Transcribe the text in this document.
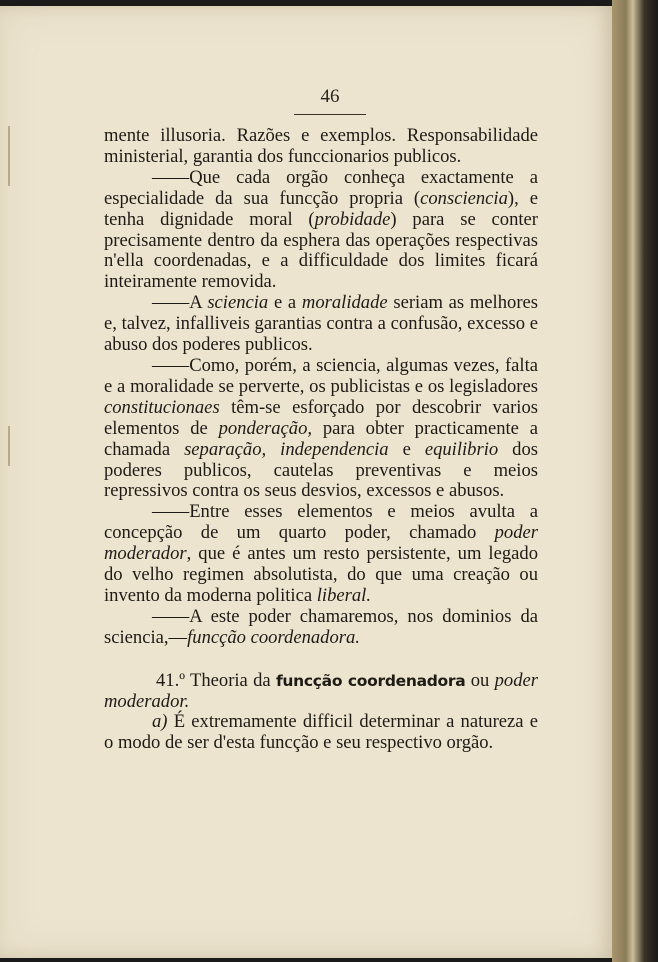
46

mente illusoria. Razões e exemplos. Responsabilidade ministerial, garantia dos funccionarios publicos.

——Que cada orgão conheça exactamente a especialidade da sua funcção propria (consciencia), e tenha dignidade moral (probidade) para se conter precisamente dentro da esphera das operações respectivas n'ella coordenadas, e a difficuldade dos limites ficará inteiramente removida.

——A sciencia e a moralidade seriam as melhores e, talvez, infalliveis garantias contra a confusão, excesso e abuso dos poderes publicos.

——Como, porém, a sciencia, algumas vezes, falta e a moralidade se perverte, os publicistas e os legisladores constitucionaes têm-se esforçado por descobrir varios elementos de ponderação, para obter practicamente a chamada separação, independencia e equilibrio dos poderes publicos, cautelas preventivas e meios repressivos contra os seus desvios, excessos e abusos.

——Entre esses elementos e meios avulta a concepção de um quarto poder, chamado poder moderador, que é antes um resto persistente, um legado do velho regimen absolutista, do que uma creação ou invento da moderna politica liberal.

——A este poder chamaremos, nos dominios da sciencia,—funcção coordenadora.

41.º Theoria da funcção coordenadora ou poder moderador.

a) É extremamente difficil determinar a natureza e o modo de ser d'esta funcção e seu respectivo orgão.
